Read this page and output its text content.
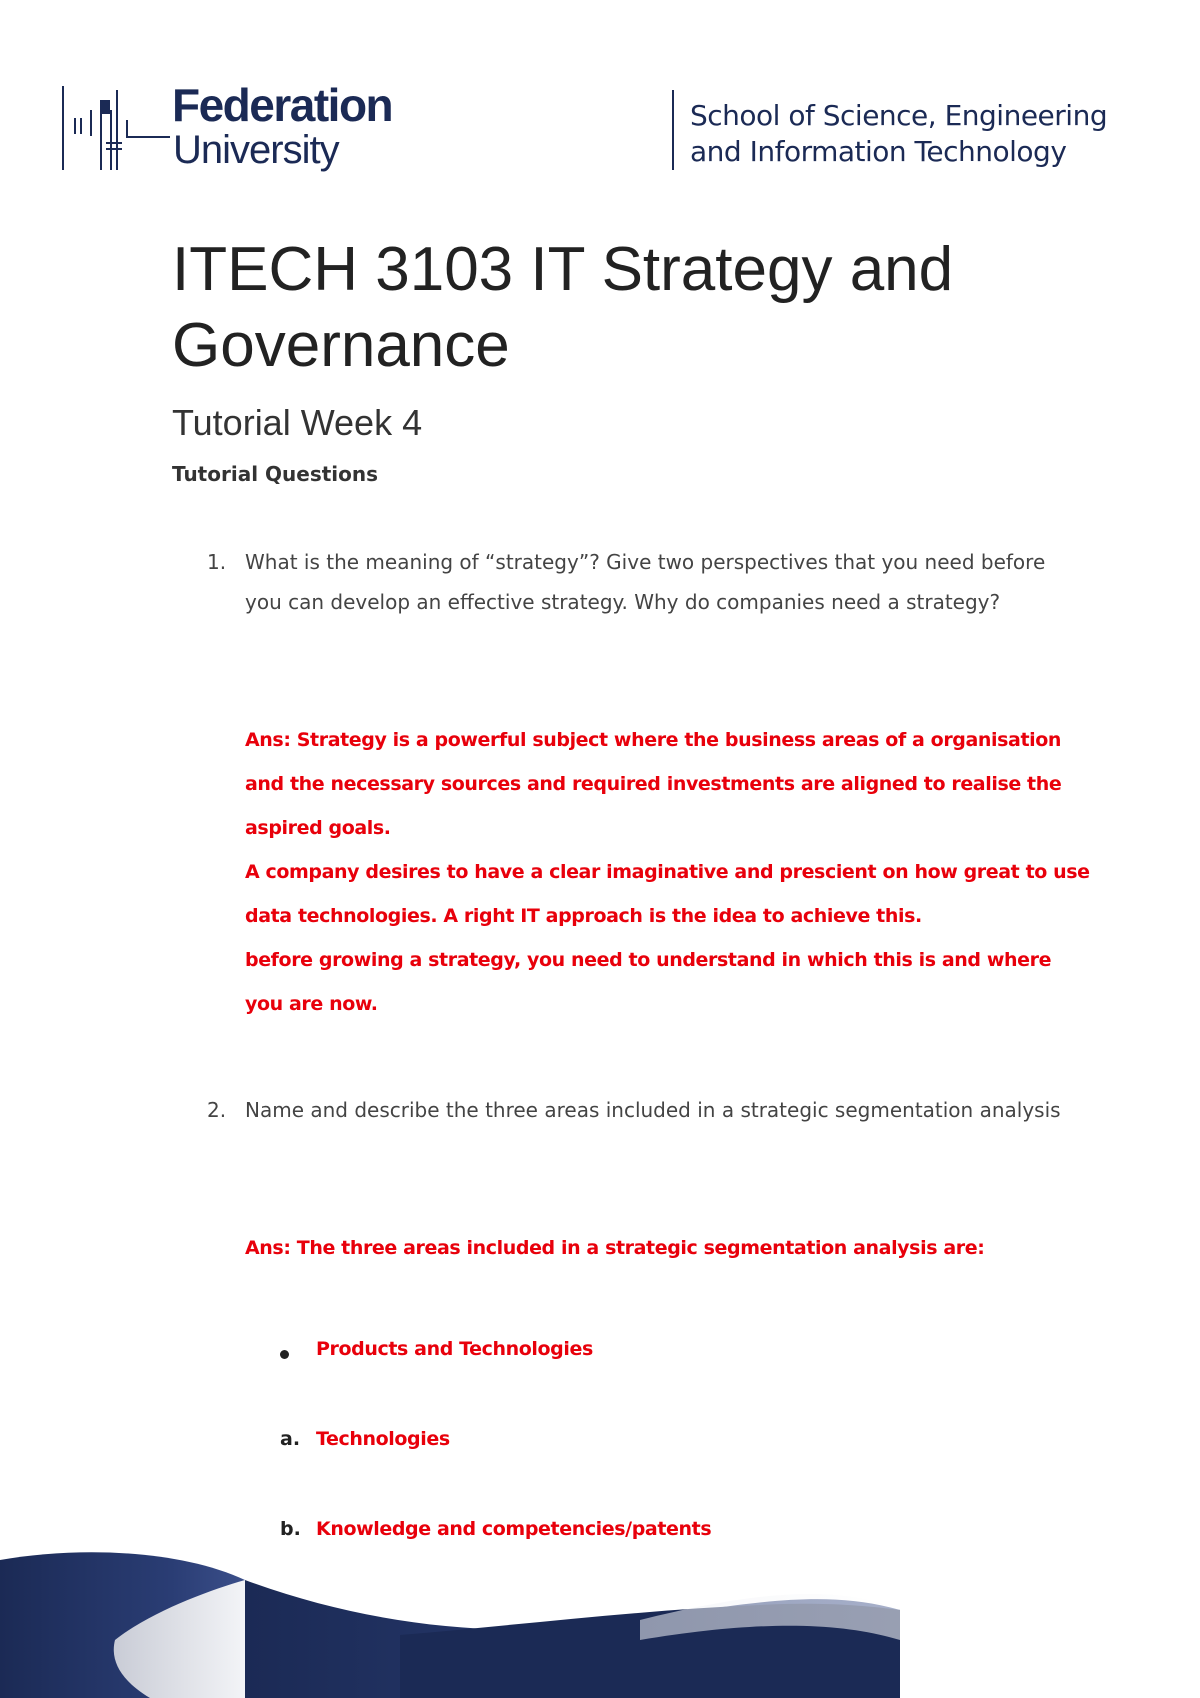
Federation
University
School of Science, Engineering
and Information Technology
ITECH 3103 IT Strategy and Governance
Tutorial Week 4
Tutorial Questions
1. What is the meaning of “strategy”? Give two perspectives that you need before you can develop an effective strategy. Why do companies need a strategy?

Ans: Strategy is a powerful subject where the business areas of a organisation and the necessary sources and required investments are aligned to realise the aspired goals.

A company desires to have a clear imaginative and prescient on how great to use data technologies. A right IT approach is the idea to achieve this.

before growing a strategy, you need to understand in which this is and where you are now.

2. Name and describe the three areas included in a strategic segmentation analysis
Ans: The three areas included in a strategic segmentation analysis are:
Products and Technologies
a. Technologies
b. Knowledge and competencies/patents
